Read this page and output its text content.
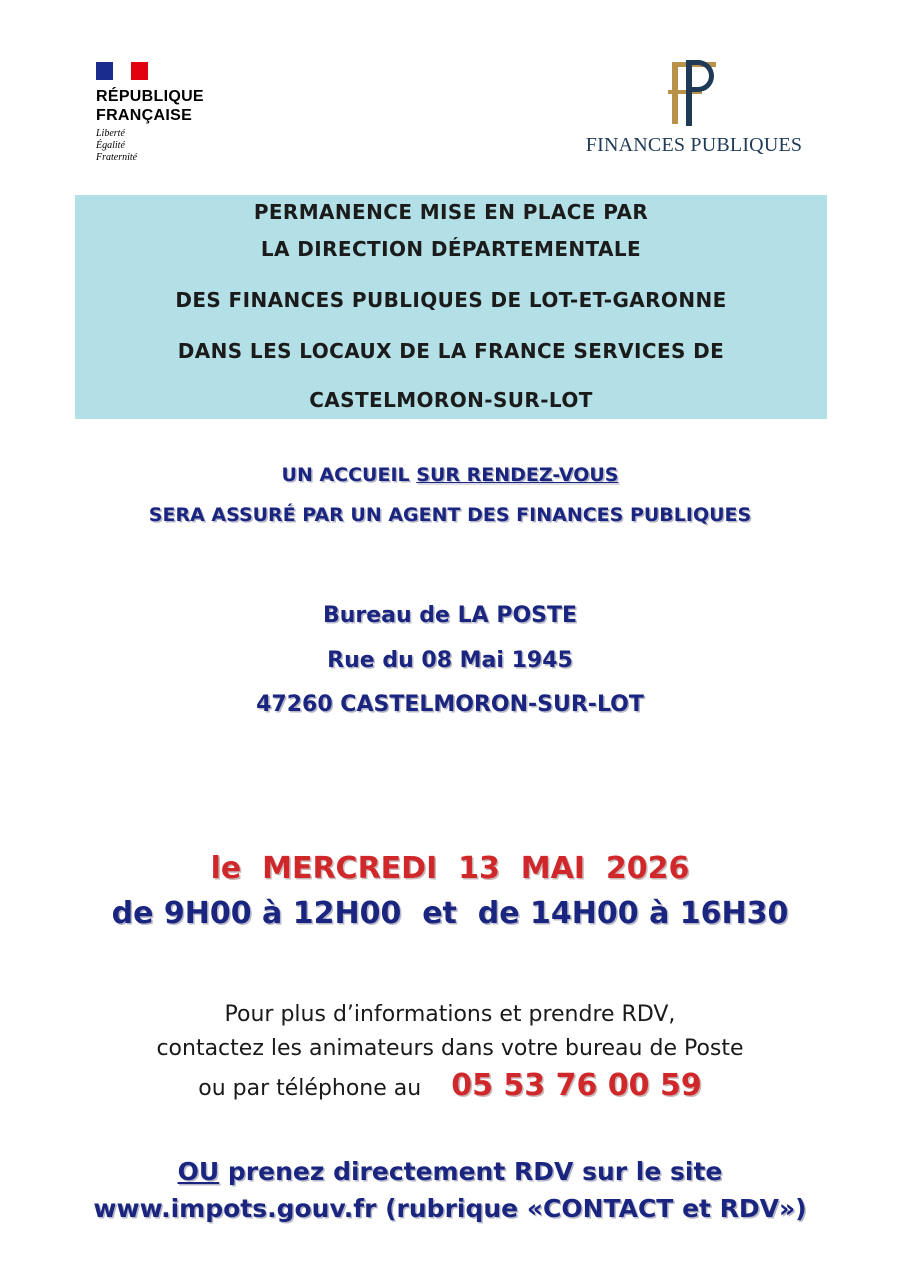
RÉPUBLIQUE
FRANÇAISE
Liberté
Égalité
Fraternité
FINANCES PUBLIQUES
PERMANENCE MISE EN PLACE PAR
LA DIRECTION DÉPARTEMENTALE
DES FINANCES PUBLIQUES DE LOT-ET-GARONNE
DANS LES LOCAUX DE LA FRANCE SERVICES DE
CASTELMORON-SUR-LOT
UN ACCUEIL SUR RENDEZ-VOUS
SERA ASSURÉ PAR UN AGENT DES FINANCES PUBLIQUES
Bureau de LA POSTE
Rue du 08 Mai 1945
47260 CASTELMORON-SUR-LOT
le  MERCREDI  13  MAI  2026
de 9H00 à 12H00  et  de 14H00 à 16H30
Pour plus d’informations et prendre RDV,
contactez les animateurs dans votre bureau de Poste
ou par téléphone au 05 53 76 00 59
OU prenez directement RDV sur le site
www.impots.gouv.fr (rubrique «CONTACT et RDV»)
